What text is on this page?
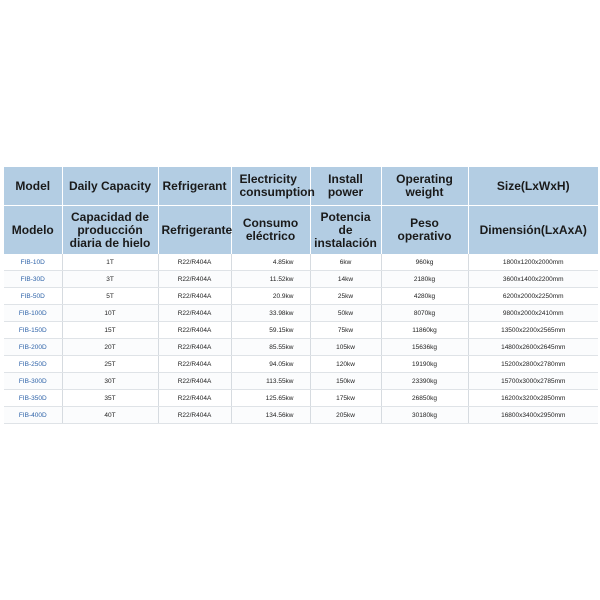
Model	Daily Capacity	Refrigerant	Electricity consumption	Install power	Operating weight	Size(LxWxH)
Modelo	Capacidad de producción diaria de hielo	Refrigerante	Consumo eléctrico	Potencia de instalación	Peso operativo	Dimensión(LxAxA)
FIB-10D	1T	R22/R404A	4.85kw	6kw	960kg	1800x1200x2000mm
FIB-30D	3T	R22/R404A	11.52kw	14kw	2180kg	3600x1400x2200mm
FIB-50D	5T	R22/R404A	20.9kw	25kw	4280kg	6200x2000x2250mm
FIB-100D	10T	R22/R404A	33.98kw	50kw	8070kg	9800x2000x2410mm
FIB-150D	15T	R22/R404A	59.15kw	75kw	11860kg	13500x2200x2565mm
FIB-200D	20T	R22/R404A	85.55kw	105kw	15636kg	14800x2600x2645mm
FIB-250D	25T	R22/R404A	94.05kw	120kw	19190kg	15200x2800x2780mm
FIB-300D	30T	R22/R404A	113.55kw	150kw	23390kg	15700x3000x2785mm
FIB-350D	35T	R22/R404A	125.65kw	175kw	26850kg	16200x3200x2850mm
FIB-400D	40T	R22/R404A	134.56kw	205kw	30180kg	16800x3400x2950mm
